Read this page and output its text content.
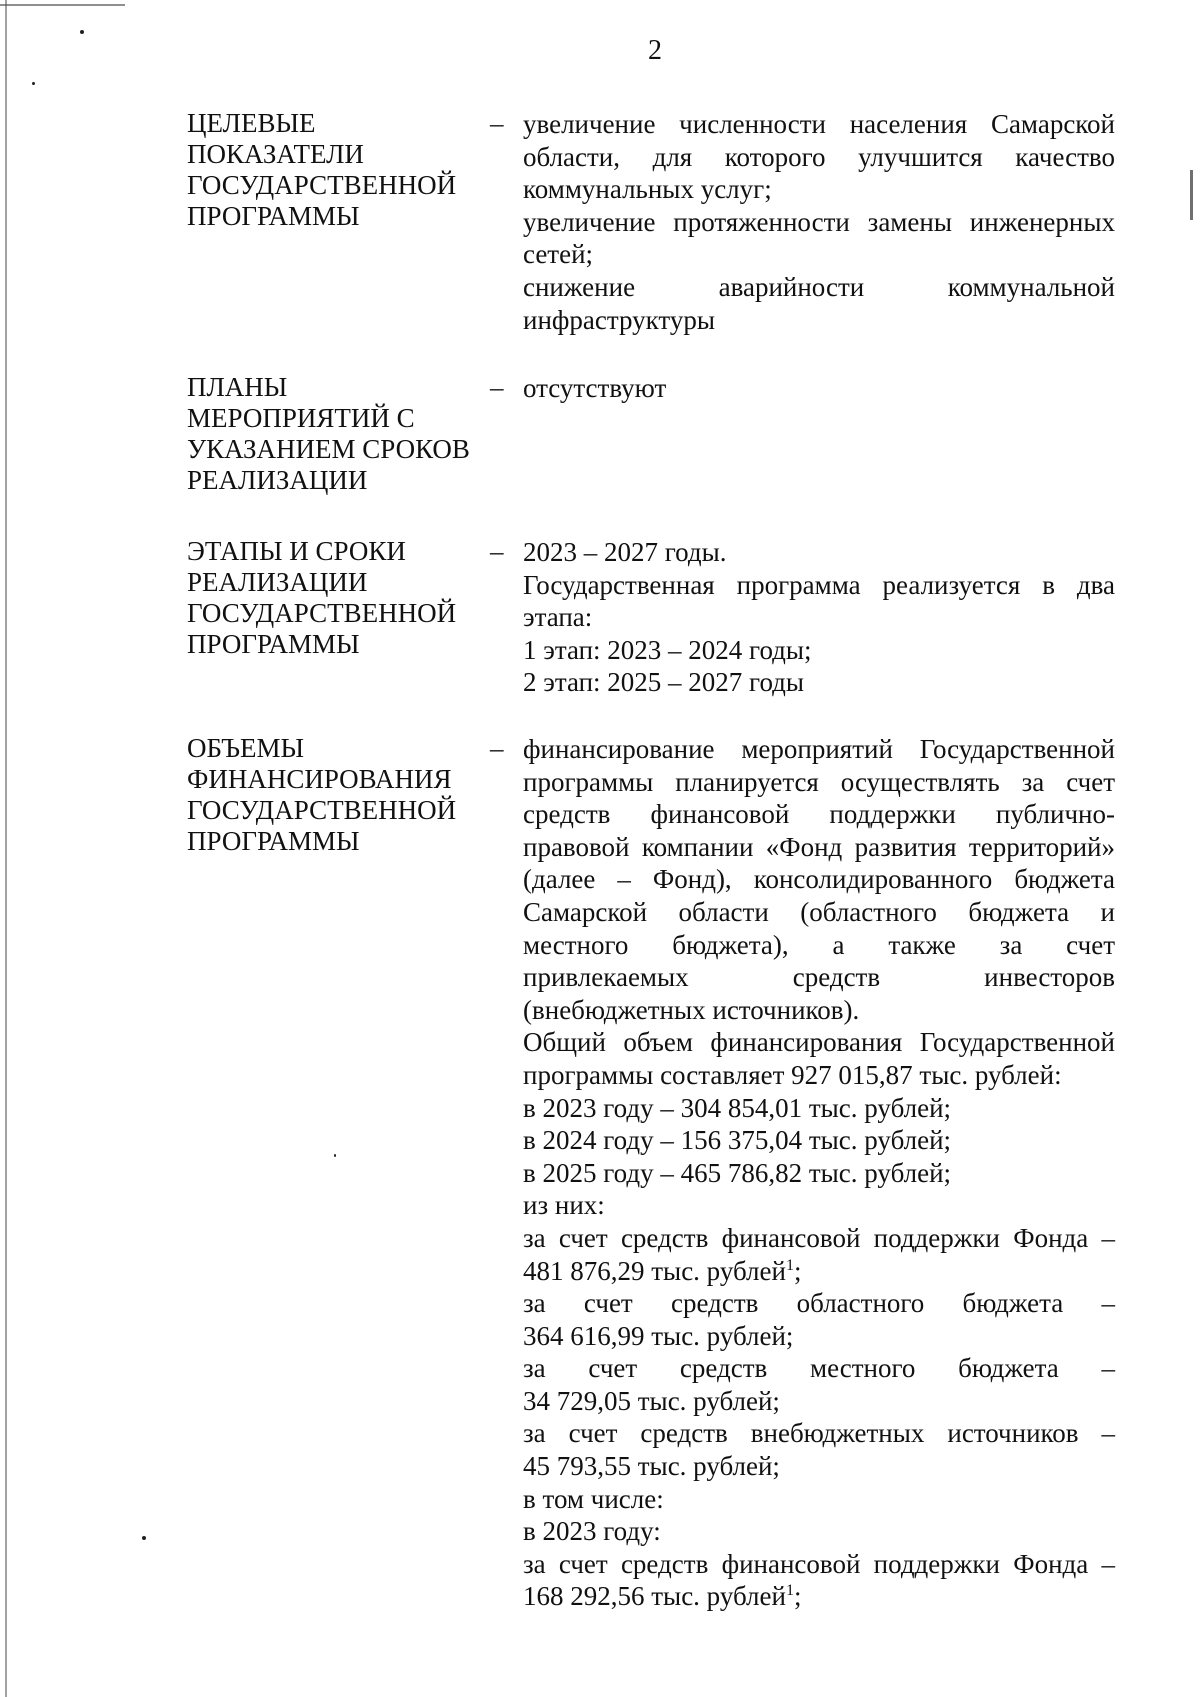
2
ЦЕЛЕВЫЕ
ПОКАЗАТЕЛИ
ГОСУДАРСТВЕННОЙ
ПРОГРАММЫ
– увеличение численности населения Самарской
области, для которого улучшится качество
коммунальных услуг;
увеличение протяженности замены инженерных
сетей;
снижение аварийности коммунальной
инфраструктуры
ПЛАНЫ
МЕРОПРИЯТИЙ С
УКАЗАНИЕМ СРОКОВ
РЕАЛИЗАЦИИ
– отсутствуют
ЭТАПЫ И СРОКИ
РЕАЛИЗАЦИИ
ГОСУДАРСТВЕННОЙ
ПРОГРАММЫ
– 2023 – 2027 годы.
Государственная программа реализуется в два
этапа:
1 этап: 2023 – 2024 годы;
2 этап: 2025 – 2027 годы
ОБЪЕМЫ
ФИНАНСИРОВАНИЯ
ГОСУДАРСТВЕННОЙ
ПРОГРАММЫ
– финансирование мероприятий Государственной
программы планируется осуществлять за счет
средств финансовой поддержки публично-
правовой компании «Фонд развития территорий»
(далее – Фонд), консолидированного бюджета
Самарской области (областного бюджета и
местного бюджета), а также за счет
привлекаемых средств инвесторов
(внебюджетных источников).
Общий объем финансирования Государственной
программы составляет 927 015,87 тыс. рублей:
в 2023 году – 304 854,01 тыс. рублей;
в 2024 году – 156 375,04 тыс. рублей;
в 2025 году – 465 786,82 тыс. рублей;
из них:
за счет средств финансовой поддержки Фонда –
481 876,29 тыс. рублей$^1$;
за счет средств областного бюджета –
364 616,99 тыс. рублей;
за счет средств местного бюджета –
34 729,05 тыс. рублей;
за счет средств внебюджетных источников –
45 793,55 тыс. рублей;
в том числе:
в 2023 году:
за счет средств финансовой поддержки Фонда –
168 292,56 тыс. рублей$^1$;
